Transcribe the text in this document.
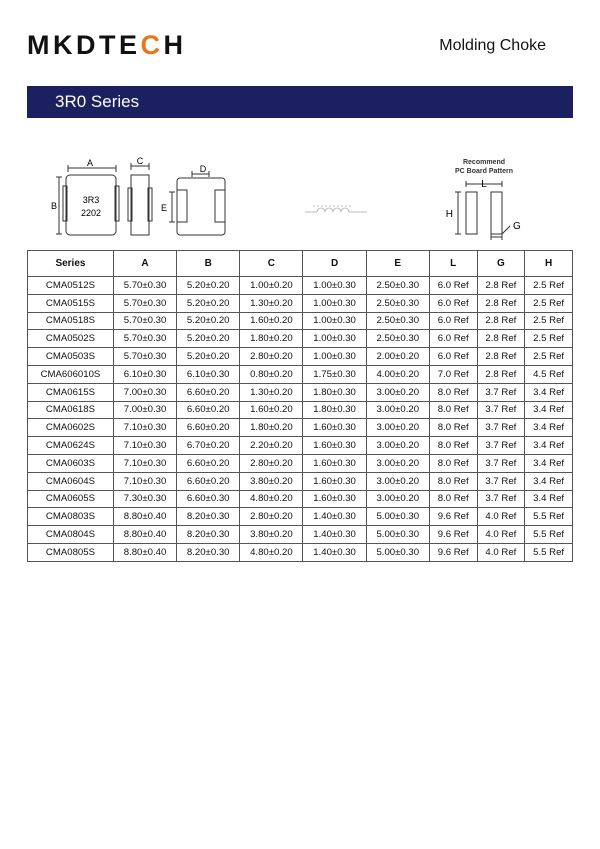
MKDTECH	Molding Choke
3R0 Series
A
B
3R3
2202
C
D
E
Recommend
PC Board Pattern
L
H
G
Series	A	B	C	D	E	L	G	H
CMA0512S	5.70±0.30	5.20±0.20	1.00±0.20	1.00±0.30	2.50±0.30	6.0 Ref	2.8 Ref	2.5 Ref
CMA0515S	5.70±0.30	5.20±0.20	1.30±0.20	1.00±0.30	2.50±0.30	6.0 Ref	2.8 Ref	2.5 Ref
CMA0518S	5.70±0.30	5.20±0.20	1.60±0.20	1.00±0.30	2.50±0.30	6.0 Ref	2.8 Ref	2.5 Ref
CMA0502S	5.70±0.30	5.20±0.20	1.80±0.20	1.00±0.30	2.50±0.30	6.0 Ref	2.8 Ref	2.5 Ref
CMA0503S	5.70±0.30	5.20±0.20	2.80±0.20	1.00±0.30	2.00±0.20	6.0 Ref	2.8 Ref	2.5 Ref
CMA606010S	6.10±0.30	6.10±0.30	0.80±0.20	1.75±0.30	4.00±0.20	7.0 Ref	2.8 Ref	4.5 Ref
CMA0615S	7.00±0.30	6.60±0.20	1.30±0.20	1.80±0.30	3.00±0.20	8.0 Ref	3.7 Ref	3.4 Ref
CMA0618S	7.00±0.30	6.60±0.20	1.60±0.20	1.80±0.30	3.00±0.20	8.0 Ref	3.7 Ref	3.4 Ref
CMA0602S	7.10±0.30	6.60±0.20	1.80±0.20	1.60±0.30	3.00±0.20	8.0 Ref	3.7 Ref	3.4 Ref
CMA0624S	7.10±0.30	6.70±0.20	2.20±0.20	1.60±0.30	3.00±0.20	8.0 Ref	3.7 Ref	3.4 Ref
CMA0603S	7.10±0.30	6.60±0.20	2.80±0.20	1.60±0.30	3.00±0.20	8.0 Ref	3.7 Ref	3.4 Ref
CMA0604S	7.10±0.30	6.60±0.20	3.80±0.20	1.60±0.30	3.00±0.20	8.0 Ref	3.7 Ref	3.4 Ref
CMA0605S	7.30±0.30	6.60±0.30	4.80±0.20	1.60±0.30	3.00±0.20	8.0 Ref	3.7 Ref	3.4 Ref
CMA0803S	8.80±0.40	8.20±0.30	2.80±0.20	1.40±0.30	5.00±0.30	9.6 Ref	4.0 Ref	5.5 Ref
CMA0804S	8.80±0.40	8.20±0.30	3.80±0.20	1.40±0.30	5.00±0.30	9.6 Ref	4.0 Ref	5.5 Ref
CMA0805S	8.80±0.40	8.20±0.30	4.80±0.20	1.40±0.30	5.00±0.30	9.6 Ref	4.0 Ref	5.5 Ref
